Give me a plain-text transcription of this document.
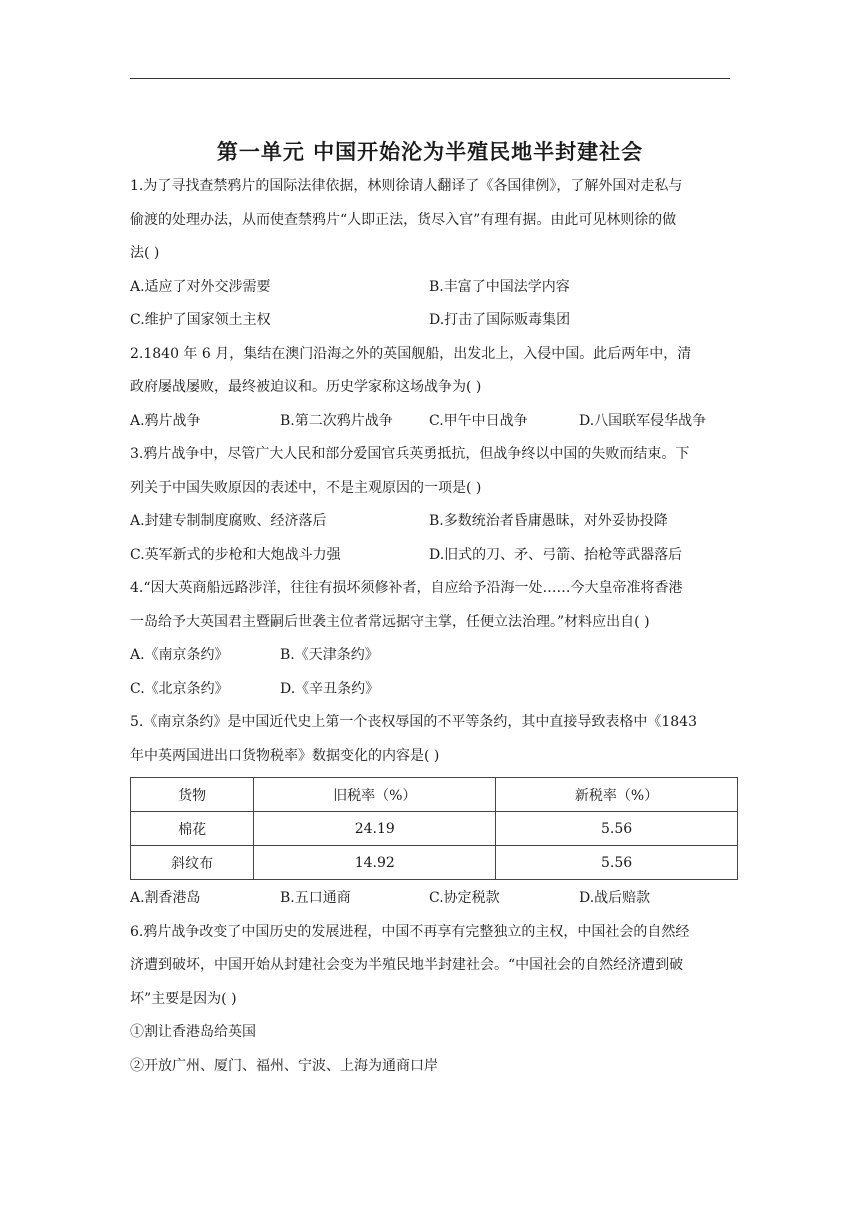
第一单元 中国开始沦为半殖民地半封建社会
1.为了寻找查禁鸦片的国际法律依据，林则徐请人翻译了《各国律例》，了解外国对走私与
偷渡的处理办法，从而使查禁鸦片“人即正法，货尽入官”有理有据。由此可见林则徐的做
法( )
A.适应了对外交涉需要	B.丰富了中国法学内容
C.维护了国家领土主权	D.打击了国际贩毒集团
2.1840 年 6 月，集结在澳门沿海之外的英国舰船，出发北上，入侵中国。此后两年中，清
政府屡战屡败，最终被迫议和。历史学家称这场战争为( )
A.鸦片战争	B.第二次鸦片战争	C.甲午中日战争	D.八国联军侵华战争
3.鸦片战争中，尽管广大人民和部分爱国官兵英勇抵抗，但战争终以中国的失败而结束。下
列关于中国失败原因的表述中，不是主观原因的一项是( )
A.封建专制制度腐败、经济落后	B.多数统治者昏庸愚昧，对外妥协投降
C.英军新式的步枪和大炮战斗力强	D.旧式的刀、矛、弓箭、抬枪等武器落后
4.“因大英商船远路涉洋，往往有损坏须修补者，自应给予沿海一处……今大皇帝准将香港
一岛给予大英国君主暨嗣后世袭主位者常远据守主掌，任便立法治理。”材料应出自( )
A.《南京条约》	B.《天津条约》
C.《北京条约》	D.《辛丑条约》
5.《南京条约》是中国近代史上第一个丧权辱国的不平等条约，其中直接导致表格中《1843
年中英两国进出口货物税率》数据变化的内容是( )
货物	旧税率（%）	新税率（%）
棉花	24.19	5.56
斜纹布	14.92	5.56
A.割香港岛	B.五口通商	C.协定税款	D.战后赔款
6.鸦片战争改变了中国历史的发展进程，中国不再享有完整独立的主权，中国社会的自然经
济遭到破坏，中国开始从封建社会变为半殖民地半封建社会。“中国社会的自然经济遭到破
坏”主要是因为( )
①割让香港岛给英国
②开放广州、厦门、福州、宁波、上海为通商口岸
